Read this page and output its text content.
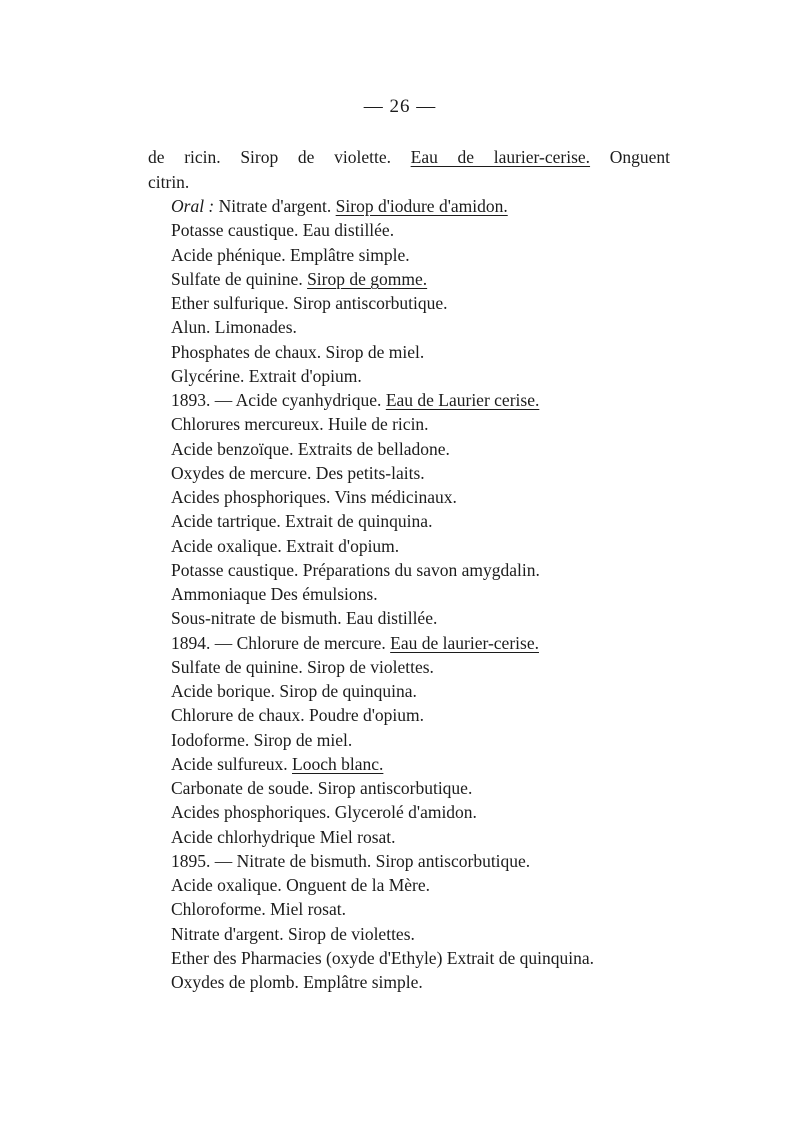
— 26 —
de ricin. Sirop de violette. Eau de laurier-cerise. Onguent
citrin.
Oral : Nitrate d'argent. Sirop d'iodure d'amidon.
Potasse caustique. Eau distillée.
Acide phénique. Emplâtre simple.
Sulfate de quinine. Sirop de gomme.
Ether sulfurique. Sirop antiscorbutique.
Alun. Limonades.
Phosphates de chaux. Sirop de miel.
Glycérine. Extrait d'opium.
1893. — Acide cyanhydrique. Eau de Laurier cerise.
Chlorures mercureux. Huile de ricin.
Acide benzoïque. Extraits de belladone.
Oxydes de mercure. Des petits-laits.
Acides phosphoriques. Vins médicinaux.
Acide tartrique. Extrait de quinquina.
Acide oxalique. Extrait d'opium.
Potasse caustique. Préparations du savon amygdalin.
Ammoniaque Des émulsions.
Sous-nitrate de bismuth. Eau distillée.
1894. — Chlorure de mercure. Eau de laurier-cerise.
Sulfate de quinine. Sirop de violettes.
Acide borique. Sirop de quinquina.
Chlorure de chaux. Poudre d'opium.
Iodoforme. Sirop de miel.
Acide sulfureux. Looch blanc.
Carbonate de soude. Sirop antiscorbutique.
Acides phosphoriques. Glycerolé d'amidon.
Acide chlorhydrique Miel rosat.
1895. — Nitrate de bismuth. Sirop antiscorbutique.
Acide oxalique. Onguent de la Mère.
Chloroforme. Miel rosat.
Nitrate d'argent. Sirop de violettes.
Ether des Pharmacies (oxyde d'Ethyle) Extrait de quinquina.
Oxydes de plomb. Emplâtre simple.
